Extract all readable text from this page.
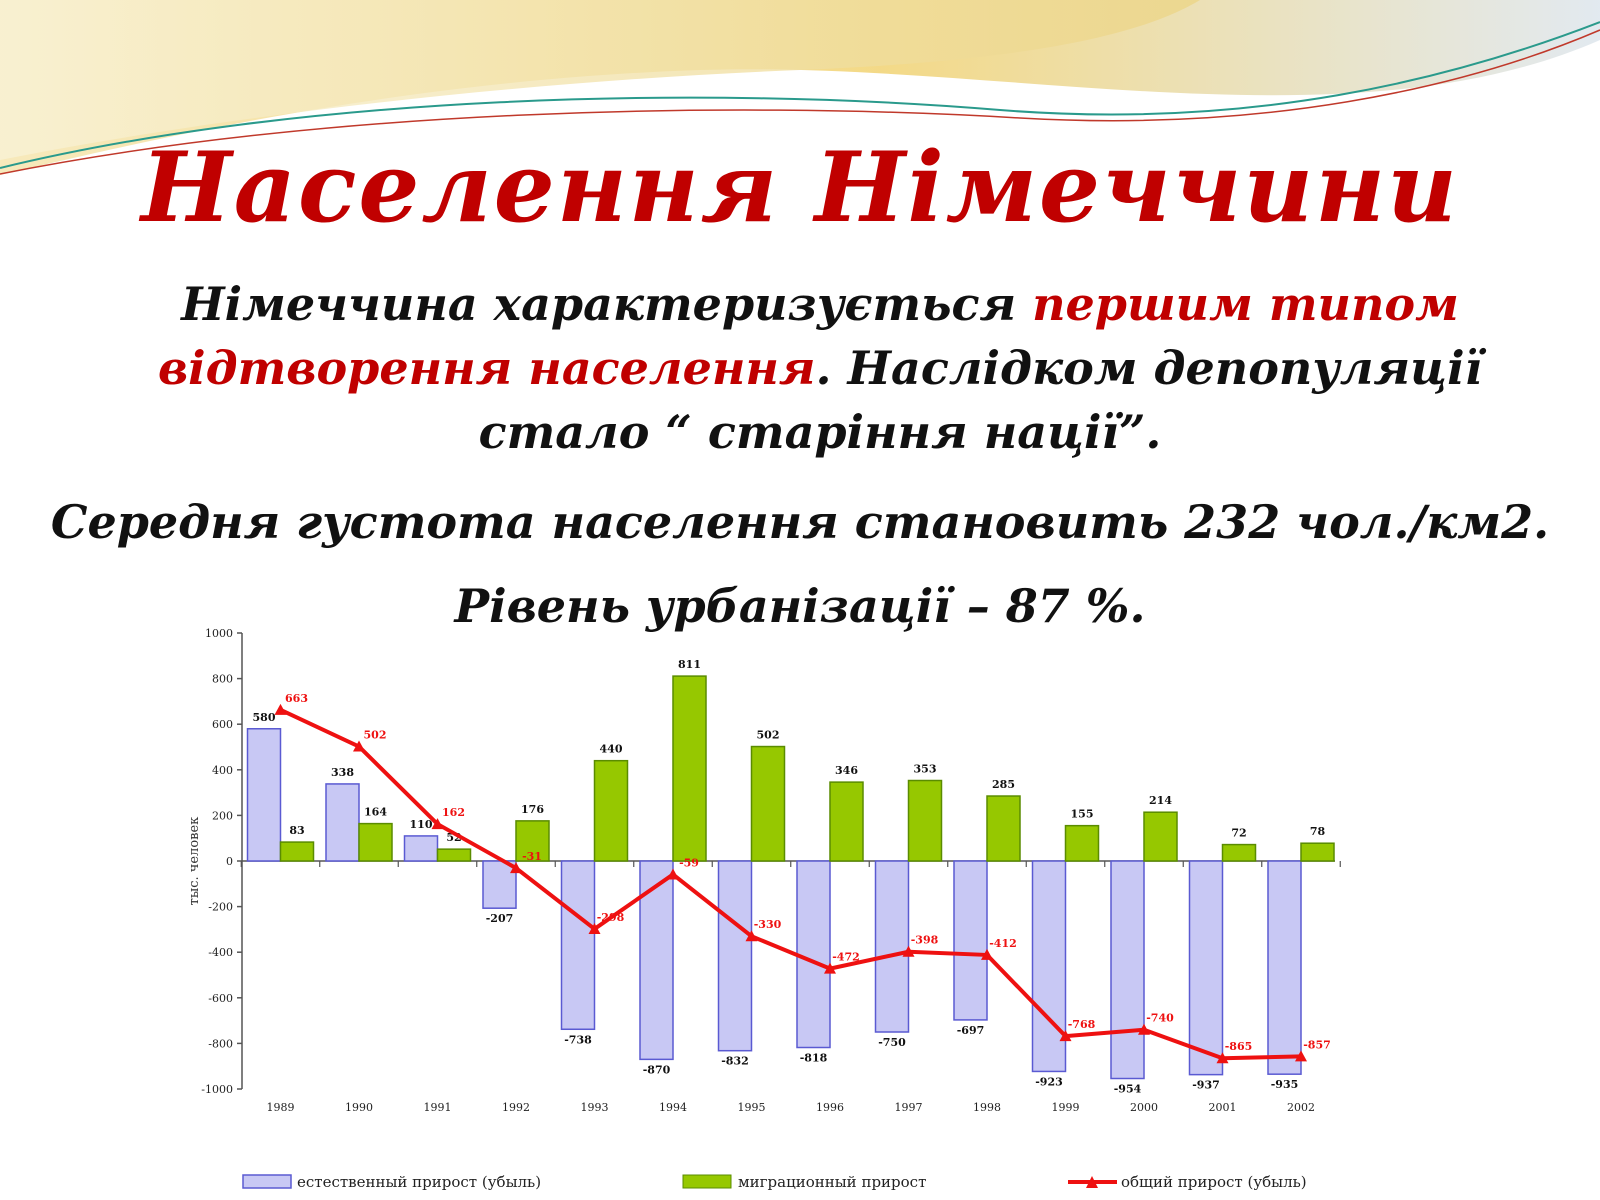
Населення Німеччини

Німеччина характеризується першим типом відтворення населення. Наслідком депопуляції стало “ старіння нації”.

Середня густота населення становить 232 чол./км2.

Рівень урбанізації – 87 %.

1000
800
600
400
200
0
-200
-400
-600
-800
-1000
тыс. человек
580
338
110
-207
-738
-870
-832	-818
-750
-697
-923
-954	-937	-935
83
164
52
176
440
811
502
346	353
285
155
214
72	78
663
502
162
-31
-298
-59
-330
-472
-398	-412
-768	-740
-865	-857
1989	1990	1991	1992	1993	1994	1995	1996	1997	1998	1999	2000	2001	2002
естественный прирост (убыль)	миграционный прирост	общий прирост (убыль)
